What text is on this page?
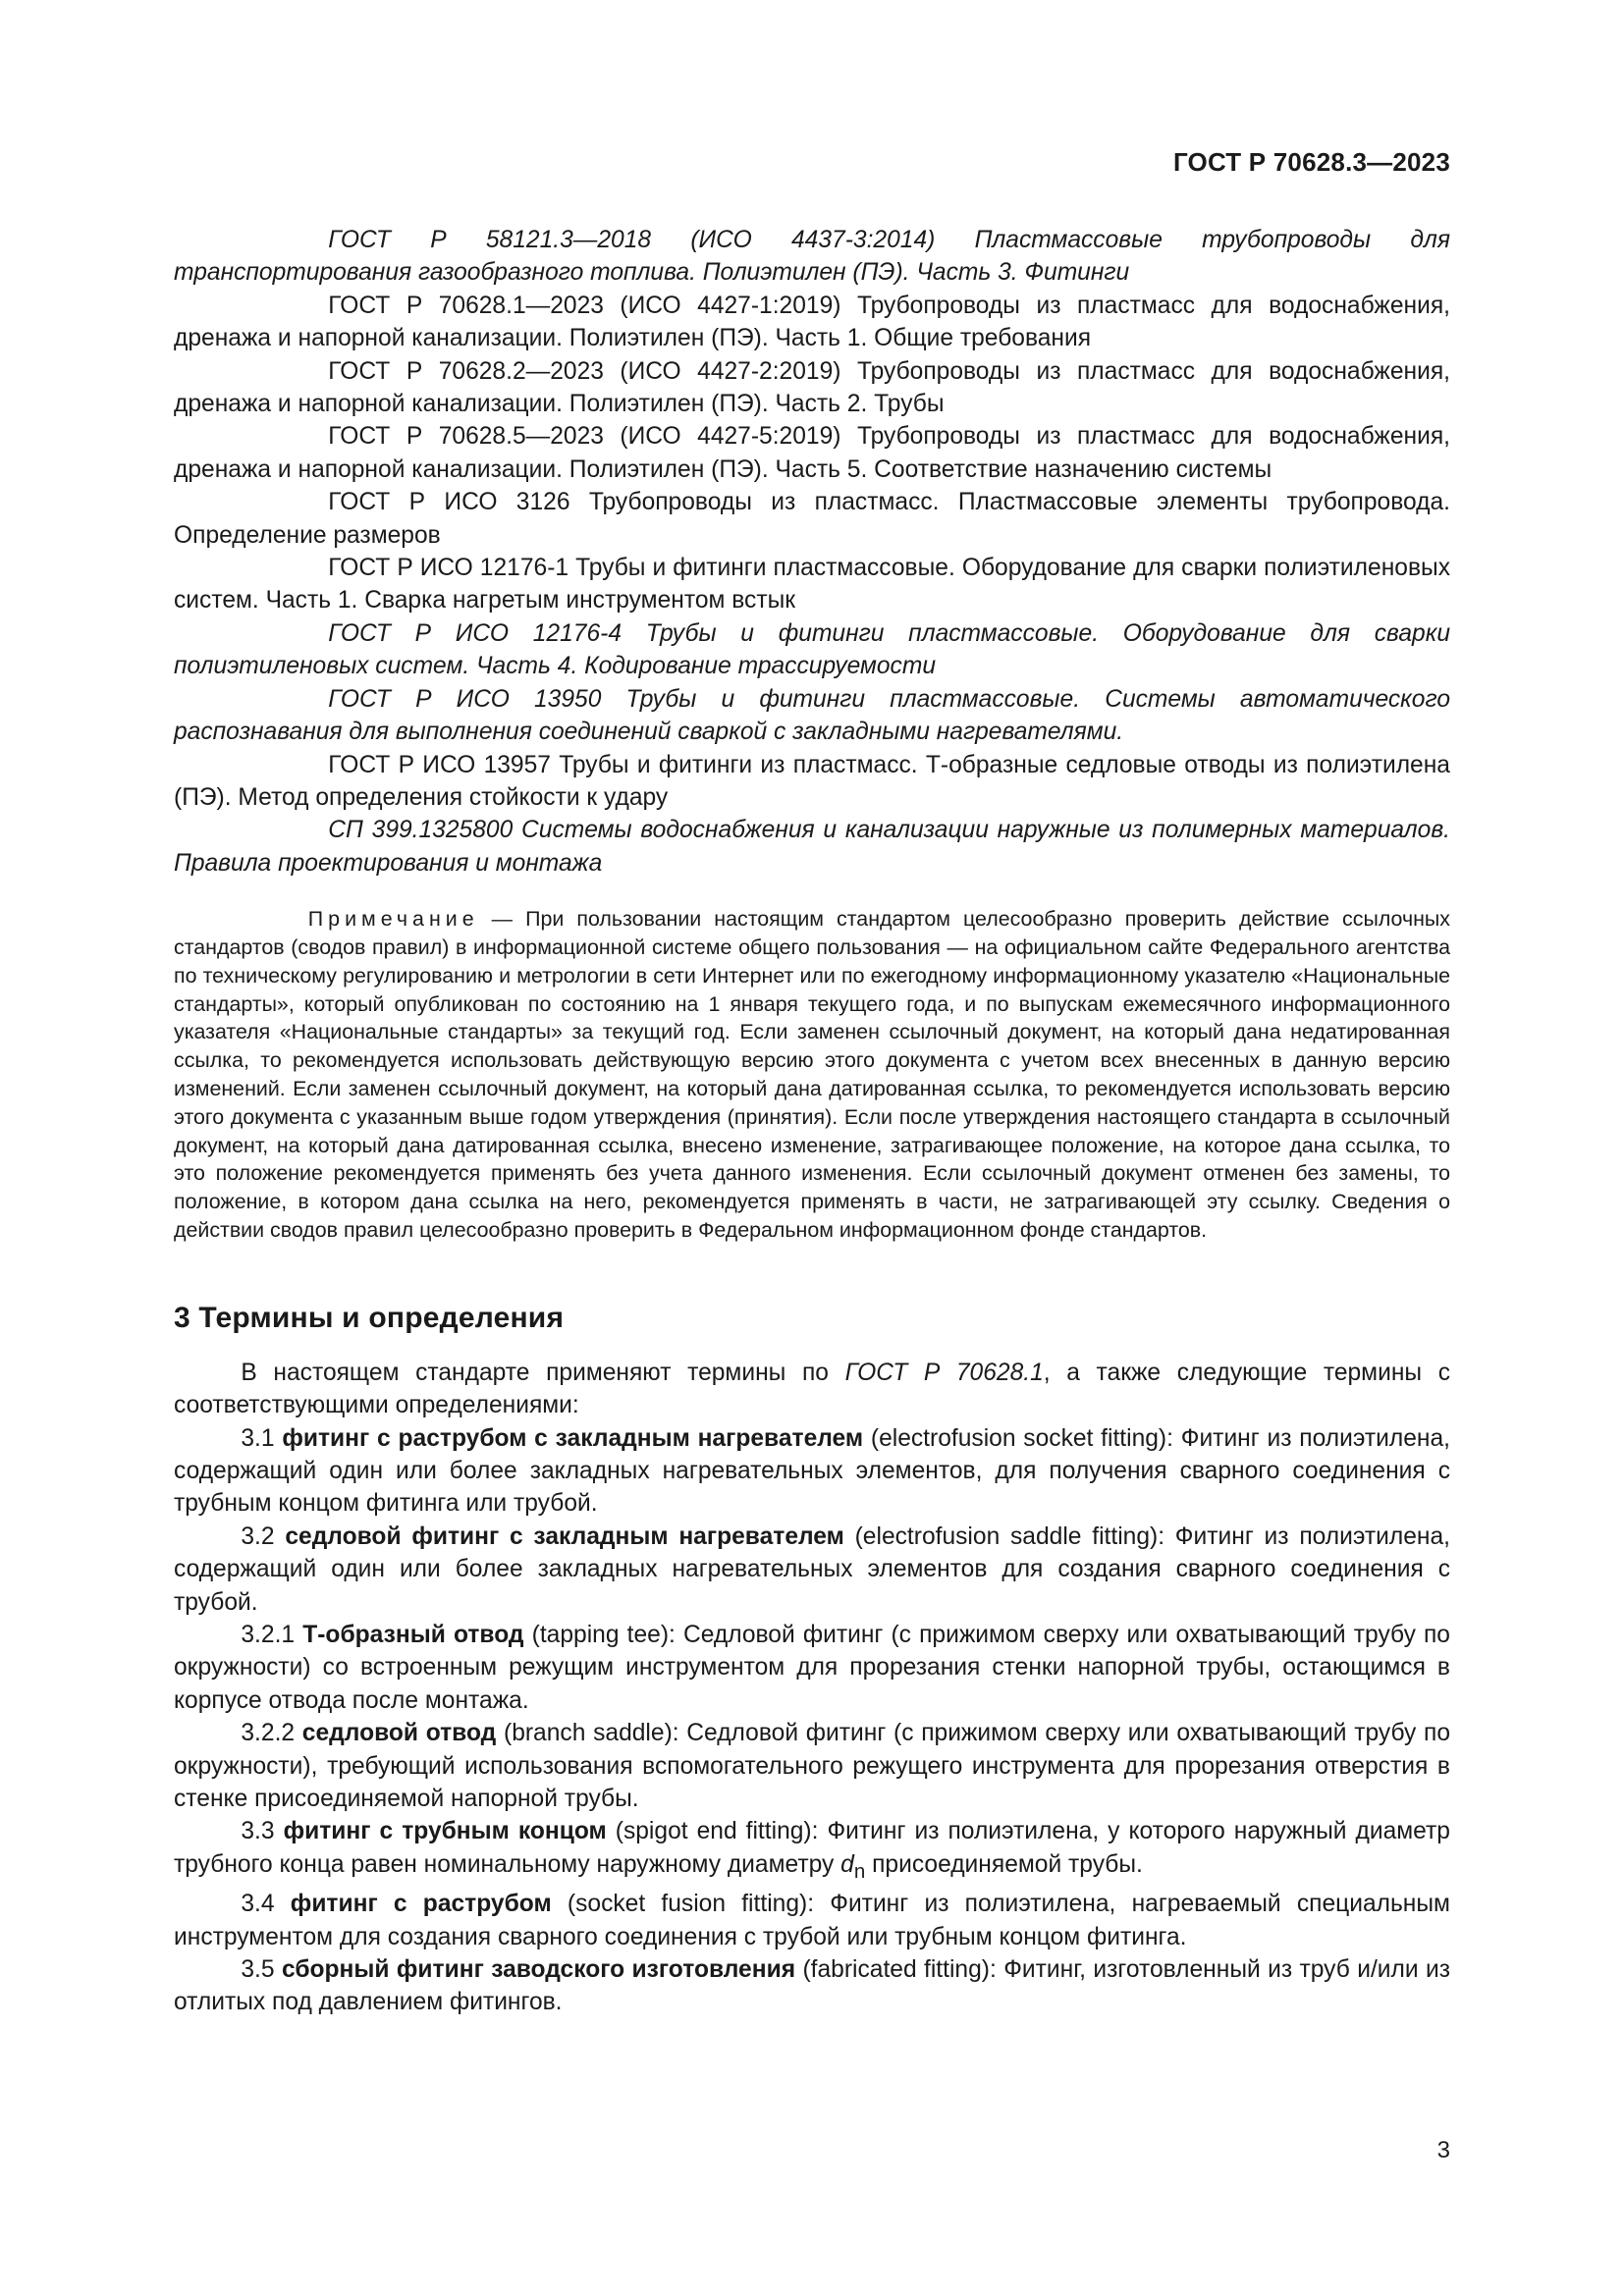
ГОСТ Р 70628.3—2023

ГОСТ Р 58121.3—2018 (ИСО 4437-3:2014) Пластмассовые трубопроводы для транспортирования газообразного топлива. Полиэтилен (ПЭ). Часть 3. Фитинги

ГОСТ Р 70628.1—2023 (ИСО 4427-1:2019) Трубопроводы из пластмасс для водоснабжения, дренажа и напорной канализации. Полиэтилен (ПЭ). Часть 1. Общие требования

ГОСТ Р 70628.2—2023 (ИСО 4427-2:2019) Трубопроводы из пластмасс для водоснабжения, дренажа и напорной канализации. Полиэтилен (ПЭ). Часть 2. Трубы

ГОСТ Р 70628.5—2023 (ИСО 4427-5:2019) Трубопроводы из пластмасс для водоснабжения, дренажа и напорной канализации. Полиэтилен (ПЭ). Часть 5. Соответствие назначению системы

ГОСТ Р ИСО 3126 Трубопроводы из пластмасс. Пластмассовые элементы трубопровода. Определение размеров

ГОСТ Р ИСО 12176-1 Трубы и фитинги пластмассовые. Оборудование для сварки полиэтиленовых систем. Часть 1. Сварка нагретым инструментом встык

ГОСТ Р ИСО 12176-4 Трубы и фитинги пластмассовые. Оборудование для сварки полиэтиленовых систем. Часть 4. Кодирование трассируемости

ГОСТ Р ИСО 13950 Трубы и фитинги пластмассовые. Системы автоматического распознавания для выполнения соединений сваркой с закладными нагревателями.

ГОСТ Р ИСО 13957 Трубы и фитинги из пластмасс. Т-образные седловые отводы из полиэтилена (ПЭ). Метод определения стойкости к удару

СП 399.1325800 Системы водоснабжения и канализации наружные из полимерных материалов. Правила проектирования и монтажа

Примечание — При пользовании настоящим стандартом целесообразно проверить действие ссылочных стандартов (сводов правил) в информационной системе общего пользования — на официальном сайте Федерального агентства по техническому регулированию и метрологии в сети Интернет или по ежегодному информационному указателю «Национальные стандарты», который опубликован по состоянию на 1 января текущего года, и по выпускам ежемесячного информационного указателя «Национальные стандарты» за текущий год. Если заменен ссылочный документ, на который дана недатированная ссылка, то рекомендуется использовать действующую версию этого документа с учетом всех внесенных в данную версию изменений. Если заменен ссылочный документ, на который дана датированная ссылка, то рекомендуется использовать версию этого документа с указанным выше годом утверждения (принятия). Если после утверждения настоящего стандарта в ссылочный документ, на который дана датированная ссылка, внесено изменение, затрагивающее положение, на которое дана ссылка, то это положение рекомендуется применять без учета данного изменения. Если ссылочный документ отменен без замены, то положение, в котором дана ссылка на него, рекомендуется применять в части, не затрагивающей эту ссылку. Сведения о действии сводов правил целесообразно проверить в Федеральном информационном фонде стандартов.

3 Термины и определения

В настоящем стандарте применяют термины по ГОСТ Р 70628.1, а также следующие термины с соответствующими определениями:

3.1 фитинг с раструбом с закладным нагревателем (electrofusion socket fitting): Фитинг из полиэтилена, содержащий один или более закладных нагревательных элементов, для получения сварного соединения с трубным концом фитинга или трубой.

3.2 седловой фитинг с закладным нагревателем (electrofusion saddle fitting): Фитинг из полиэтилена, содержащий один или более закладных нагревательных элементов для создания сварного соединения с трубой.

3.2.1 Т-образный отвод (tapping tee): Седловой фитинг (с прижимом сверху или охватывающий трубу по окружности) со встроенным режущим инструментом для прорезания стенки напорной трубы, остающимся в корпусе отвода после монтажа.

3.2.2 седловой отвод (branch saddle): Седловой фитинг (с прижимом сверху или охватывающий трубу по окружности), требующий использования вспомогательного режущего инструмента для прорезания отверстия в стенке присоединяемой напорной трубы.

3.3 фитинг с трубным концом (spigot end fitting): Фитинг из полиэтилена, у которого наружный диаметр трубного конца равен номинальному наружному диаметру $d_n$ присоединяемой трубы.

3.4 фитинг с раструбом (socket fusion fitting): Фитинг из полиэтилена, нагреваемый специальным инструментом для создания сварного соединения с трубой или трубным концом фитинга.

3.5 сборный фитинг заводского изготовления (fabricated fitting): Фитинг, изготовленный из труб и/или из отлитых под давлением фитингов.

3
